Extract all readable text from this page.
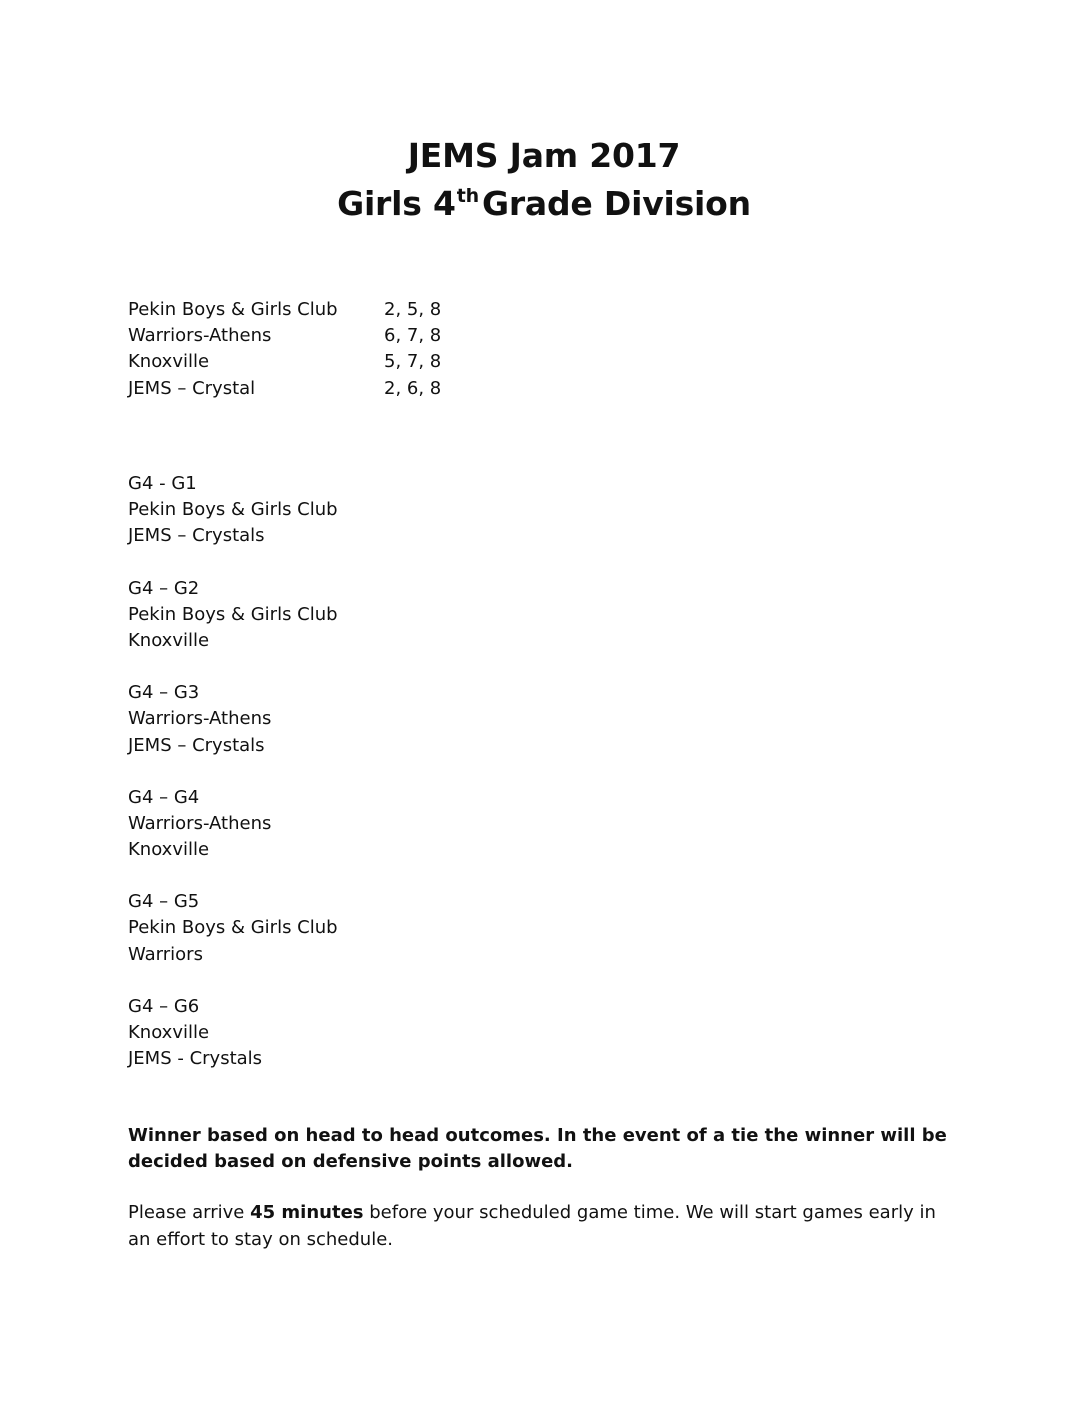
JEMS Jam 2017
Girls 4thGrade Division
Pekin Boys & Girls Club	2, 5, 8
Warriors-Athens	6, 7, 8
Knoxville	5, 7, 8
JEMS – Crystal	2, 6, 8
G4 - G1
Pekin Boys & Girls Club
JEMS – Crystals
G4 – G2
Pekin Boys & Girls Club
Knoxville
G4 – G3
Warriors-Athens
JEMS – Crystals
G4 – G4
Warriors-Athens
Knoxville
G4 – G5
Pekin Boys & Girls Club
Warriors
G4 – G6
Knoxville
JEMS - Crystals

Winner based on head to head outcomes. In the event of a tie the winner will be decided based on defensive points allowed.

Please arrive 45 minutes before your scheduled game time. We will start games early in an effort to stay on schedule.
